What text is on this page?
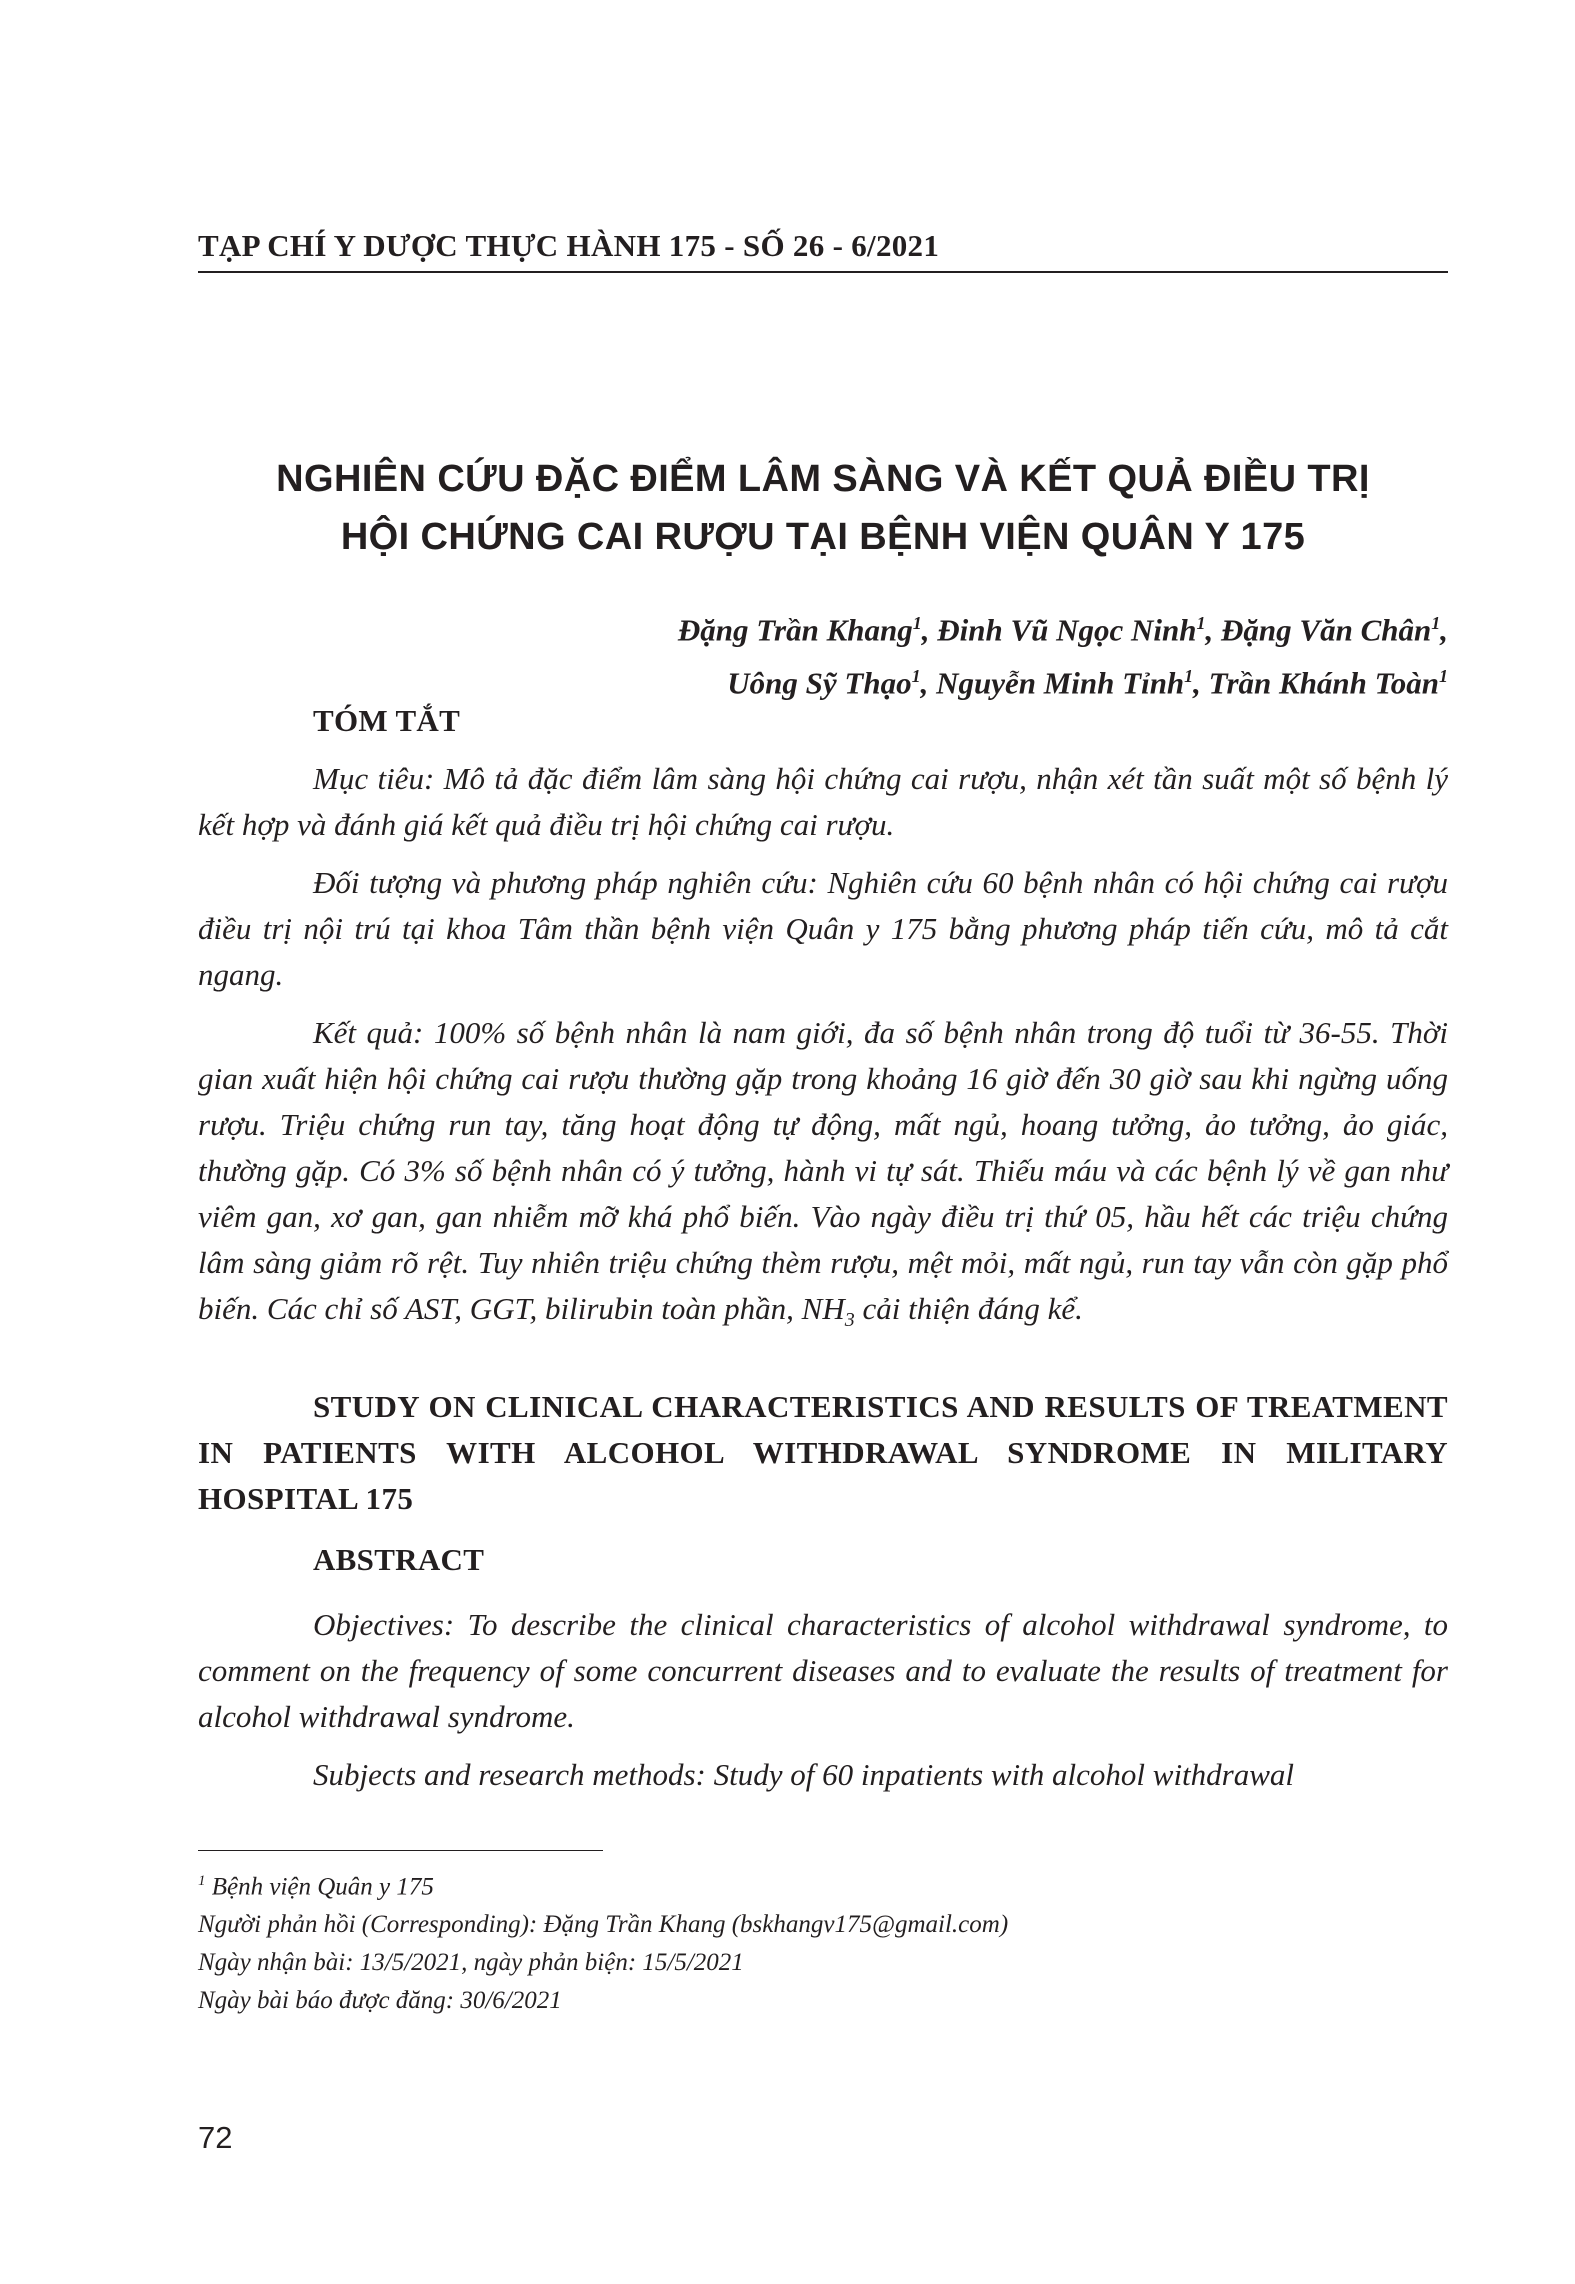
TẠP CHÍ Y DƯỢC THỰC HÀNH 175 - SỐ 26 - 6/2021
NGHIÊN CỨU ĐẶC ĐIỂM LÂM SÀNG VÀ KẾT QUẢ ĐIỀU TRỊ
HỘI CHỨNG CAI RƯỢU TẠI BỆNH VIỆN QUÂN Y 175
Đặng Trần Khang$^1$, Đinh Vũ Ngọc Ninh$^1$, Đặng Văn Chân$^1$,
Uông Sỹ Thạo$^1$, Nguyễn Minh Tỉnh$^1$, Trần Khánh Toàn$^1$
TÓM TẮT
Mục tiêu: Mô tả đặc điểm lâm sàng hội chứng cai rượu, nhận xét tần suất một số bệnh lý kết hợp và đánh giá kết quả điều trị hội chứng cai rượu.
Đối tượng và phương pháp nghiên cứu: Nghiên cứu 60 bệnh nhân có hội chứng cai rượu điều trị nội trú tại khoa Tâm thần bệnh viện Quân y 175 bằng phương pháp tiến cứu, mô tả cắt ngang.
Kết quả: 100% số bệnh nhân là nam giới, đa số bệnh nhân trong độ tuổi từ 36-55. Thời gian xuất hiện hội chứng cai rượu thường gặp trong khoảng 16 giờ đến 30 giờ sau khi ngừng uống rượu. Triệu chứng run tay, tăng hoạt động tự động, mất ngủ, hoang tưởng, ảo tưởng, ảo giác, thường gặp. Có 3% số bệnh nhân có ý tưởng, hành vi tự sát. Thiếu máu và các bệnh lý về gan như viêm gan, xơ gan, gan nhiễm mỡ khá phổ biến. Vào ngày điều trị thứ 05, hầu hết các triệu chứng lâm sàng giảm rõ rệt. Tuy nhiên triệu chứng thèm rượu, mệt mỏi, mất ngủ, run tay vẫn còn gặp phổ biến. Các chỉ số AST, GGT, bilirubin toàn phần, $NH_3$ cải thiện đáng kể.
STUDY ON CLINICAL CHARACTERISTICS AND RESULTS OF TREATMENT IN PATIENTS WITH ALCOHOL WITHDRAWAL SYNDROME IN MILITARY HOSPITAL 175
ABSTRACT
Objectives: To describe the clinical characteristics of alcohol withdrawal syndrome, to comment on the frequency of some concurrent diseases and to evaluate the results of treatment for alcohol withdrawal syndrome.
Subjects and research methods: Study of 60 inpatients with alcohol withdrawal
$^1$ Bệnh viện Quân y 175
Người phản hồi (Corresponding): Đặng Trần Khang (bskhangv175@gmail.com)
Ngày nhận bài: 13/5/2021, ngày phản biện: 15/5/2021
Ngày bài báo được đăng: 30/6/2021
72
